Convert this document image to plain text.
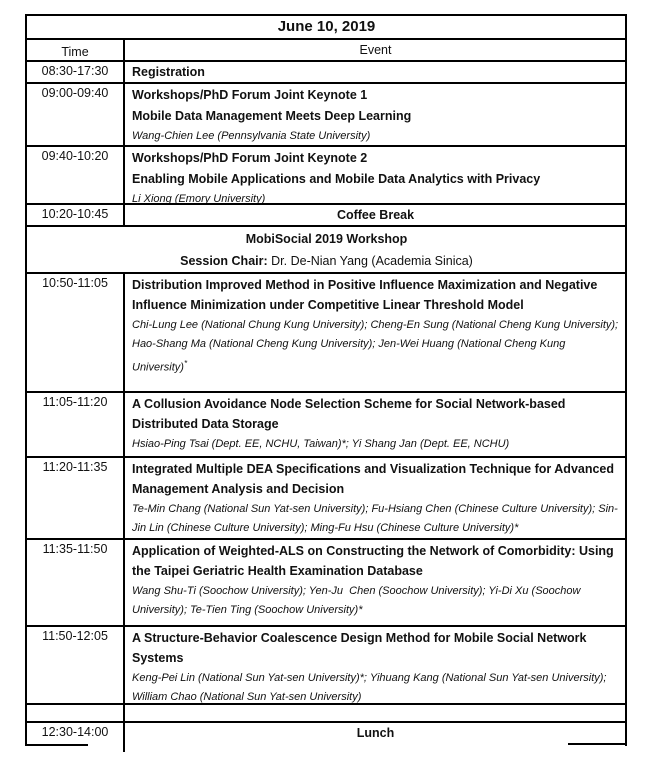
June 10, 2019
Time	Event
08:30-17:30	Registration
09:00-09:40	Workshops/PhD Forum Joint Keynote 1
Mobile Data Management Meets Deep Learning
Wang-Chien Lee (Pennsylvania State University)
09:40-10:20	Workshops/PhD Forum Joint Keynote 2
Enabling Mobile Applications and Mobile Data Analytics with Privacy
Li Xiong (Emory University)
10:20-10:45	Coffee Break
MobiSocial 2019 Workshop
Session Chair: Dr. De-Nian Yang (Academia Sinica)
10:50-11:05	Distribution Improved Method in Positive Influence Maximization and Negative Influence Minimization under Competitive Linear Threshold Model
Chi-Lung Lee (National Chung Kung University); Cheng-En Sung (National Cheng Kung University); Hao-Shang Ma (National Cheng Kung University); Jen-Wei Huang (National Cheng Kung University)*
11:05-11:20	A Collusion Avoidance Node Selection Scheme for Social Network-based Distributed Data Storage
Hsiao-Ping Tsai (Dept. EE, NCHU, Taiwan)*; Yi Shang Jan (Dept. EE, NCHU)
11:20-11:35	Integrated Multiple DEA Specifications and Visualization Technique for Advanced Management Analysis and Decision
Te-Min Chang (National Sun Yat-sen University); Fu-Hsiang Chen (Chinese Culture University); Sin-Jin Lin (Chinese Culture University); Ming-Fu Hsu (Chinese Culture University)*
11:35-11:50	Application of Weighted-ALS on Constructing the Network of Comorbidity: Using the Taipei Geriatric Health Examination Database
Wang Shu-Ti (Soochow University); Yen-Ju  Chen (Soochow University); Yi-Di Xu (Soochow University); Te-Tien Ting (Soochow University)*
11:50-12:05	A Structure-Behavior Coalescence Design Method for Mobile Social Network Systems
Keng-Pei Lin (National Sun Yat-sen University)*; Yihuang Kang (National Sun Yat-sen University); William Chao (National Sun Yat-sen University)
12:30-14:00	Lunch
